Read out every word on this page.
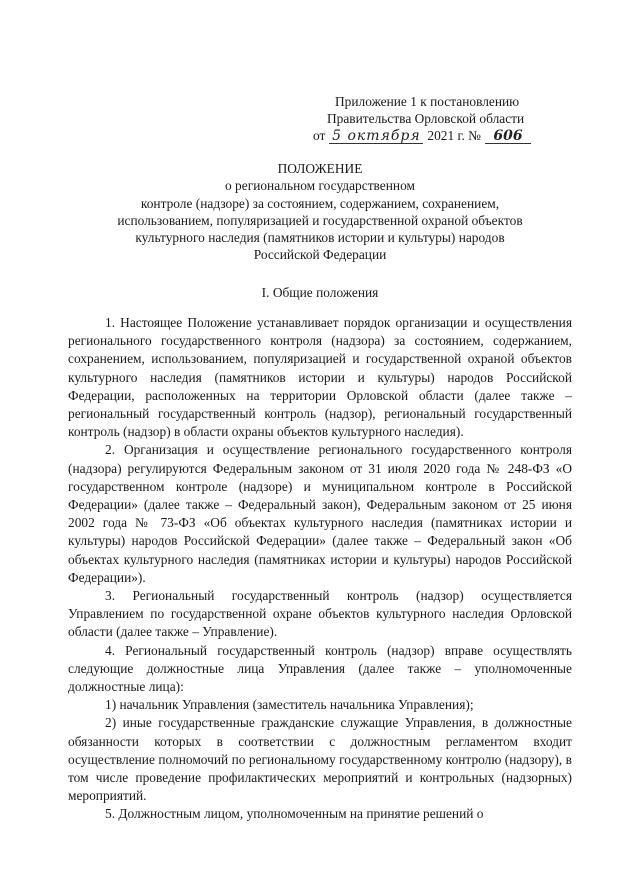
Приложение 1 к постановлению
Правительства Орловской области
от 5 октября 2021 г. № 606
ПОЛОЖЕНИЕ
о региональном государственном
контроле (надзоре) за состоянием, содержанием, сохранением,
использованием, популяризацией и государственной охраной объектов
культурного наследия (памятников истории и культуры) народов
Российской Федерации
I. Общие положения

1. Настоящее Положение устанавливает порядок организации и осуществления регионального государственного контроля (надзора) за состоянием, содержанием, сохранением, использованием, популяризацией и государственной охраной объектов культурного наследия (памятников истории и культуры) народов Российской Федерации, расположенных на территории Орловской области (далее также – региональный государственный контроль (надзор), региональный государственный контроль (надзор) в области охраны объектов культурного наследия).

2. Организация и осуществление регионального государственного контроля (надзора) регулируются Федеральным законом от 31 июля 2020 года № 248-ФЗ «О государственном контроле (надзоре) и муниципальном контроле в Российской Федерации» (далее также – Федеральный закон), Федеральным законом от 25 июня 2002 года № 73-ФЗ «Об объектах культурного наследия (памятниках истории и культуры) народов Российской Федерации» (далее также – Федеральный закон «Об объектах культурного наследия (памятниках истории и культуры) народов Российской Федерации»).

3. Региональный государственный контроль (надзор) осуществляется Управлением по государственной охране объектов культурного наследия Орловской области (далее также – Управление).

4. Региональный государственный контроль (надзор) вправе осуществлять следующие должностные лица Управления (далее также – уполномоченные должностные лица):

1) начальник Управления (заместитель начальника Управления);

2) иные государственные гражданские служащие Управления, в должностные обязанности которых в соответствии с должностным регламентом входит осуществление полномочий по региональному государственному контролю (надзору), в том числе проведение профилактических мероприятий и контрольных (надзорных) мероприятий.

5. Должностным лицом, уполномоченным на принятие решений о
